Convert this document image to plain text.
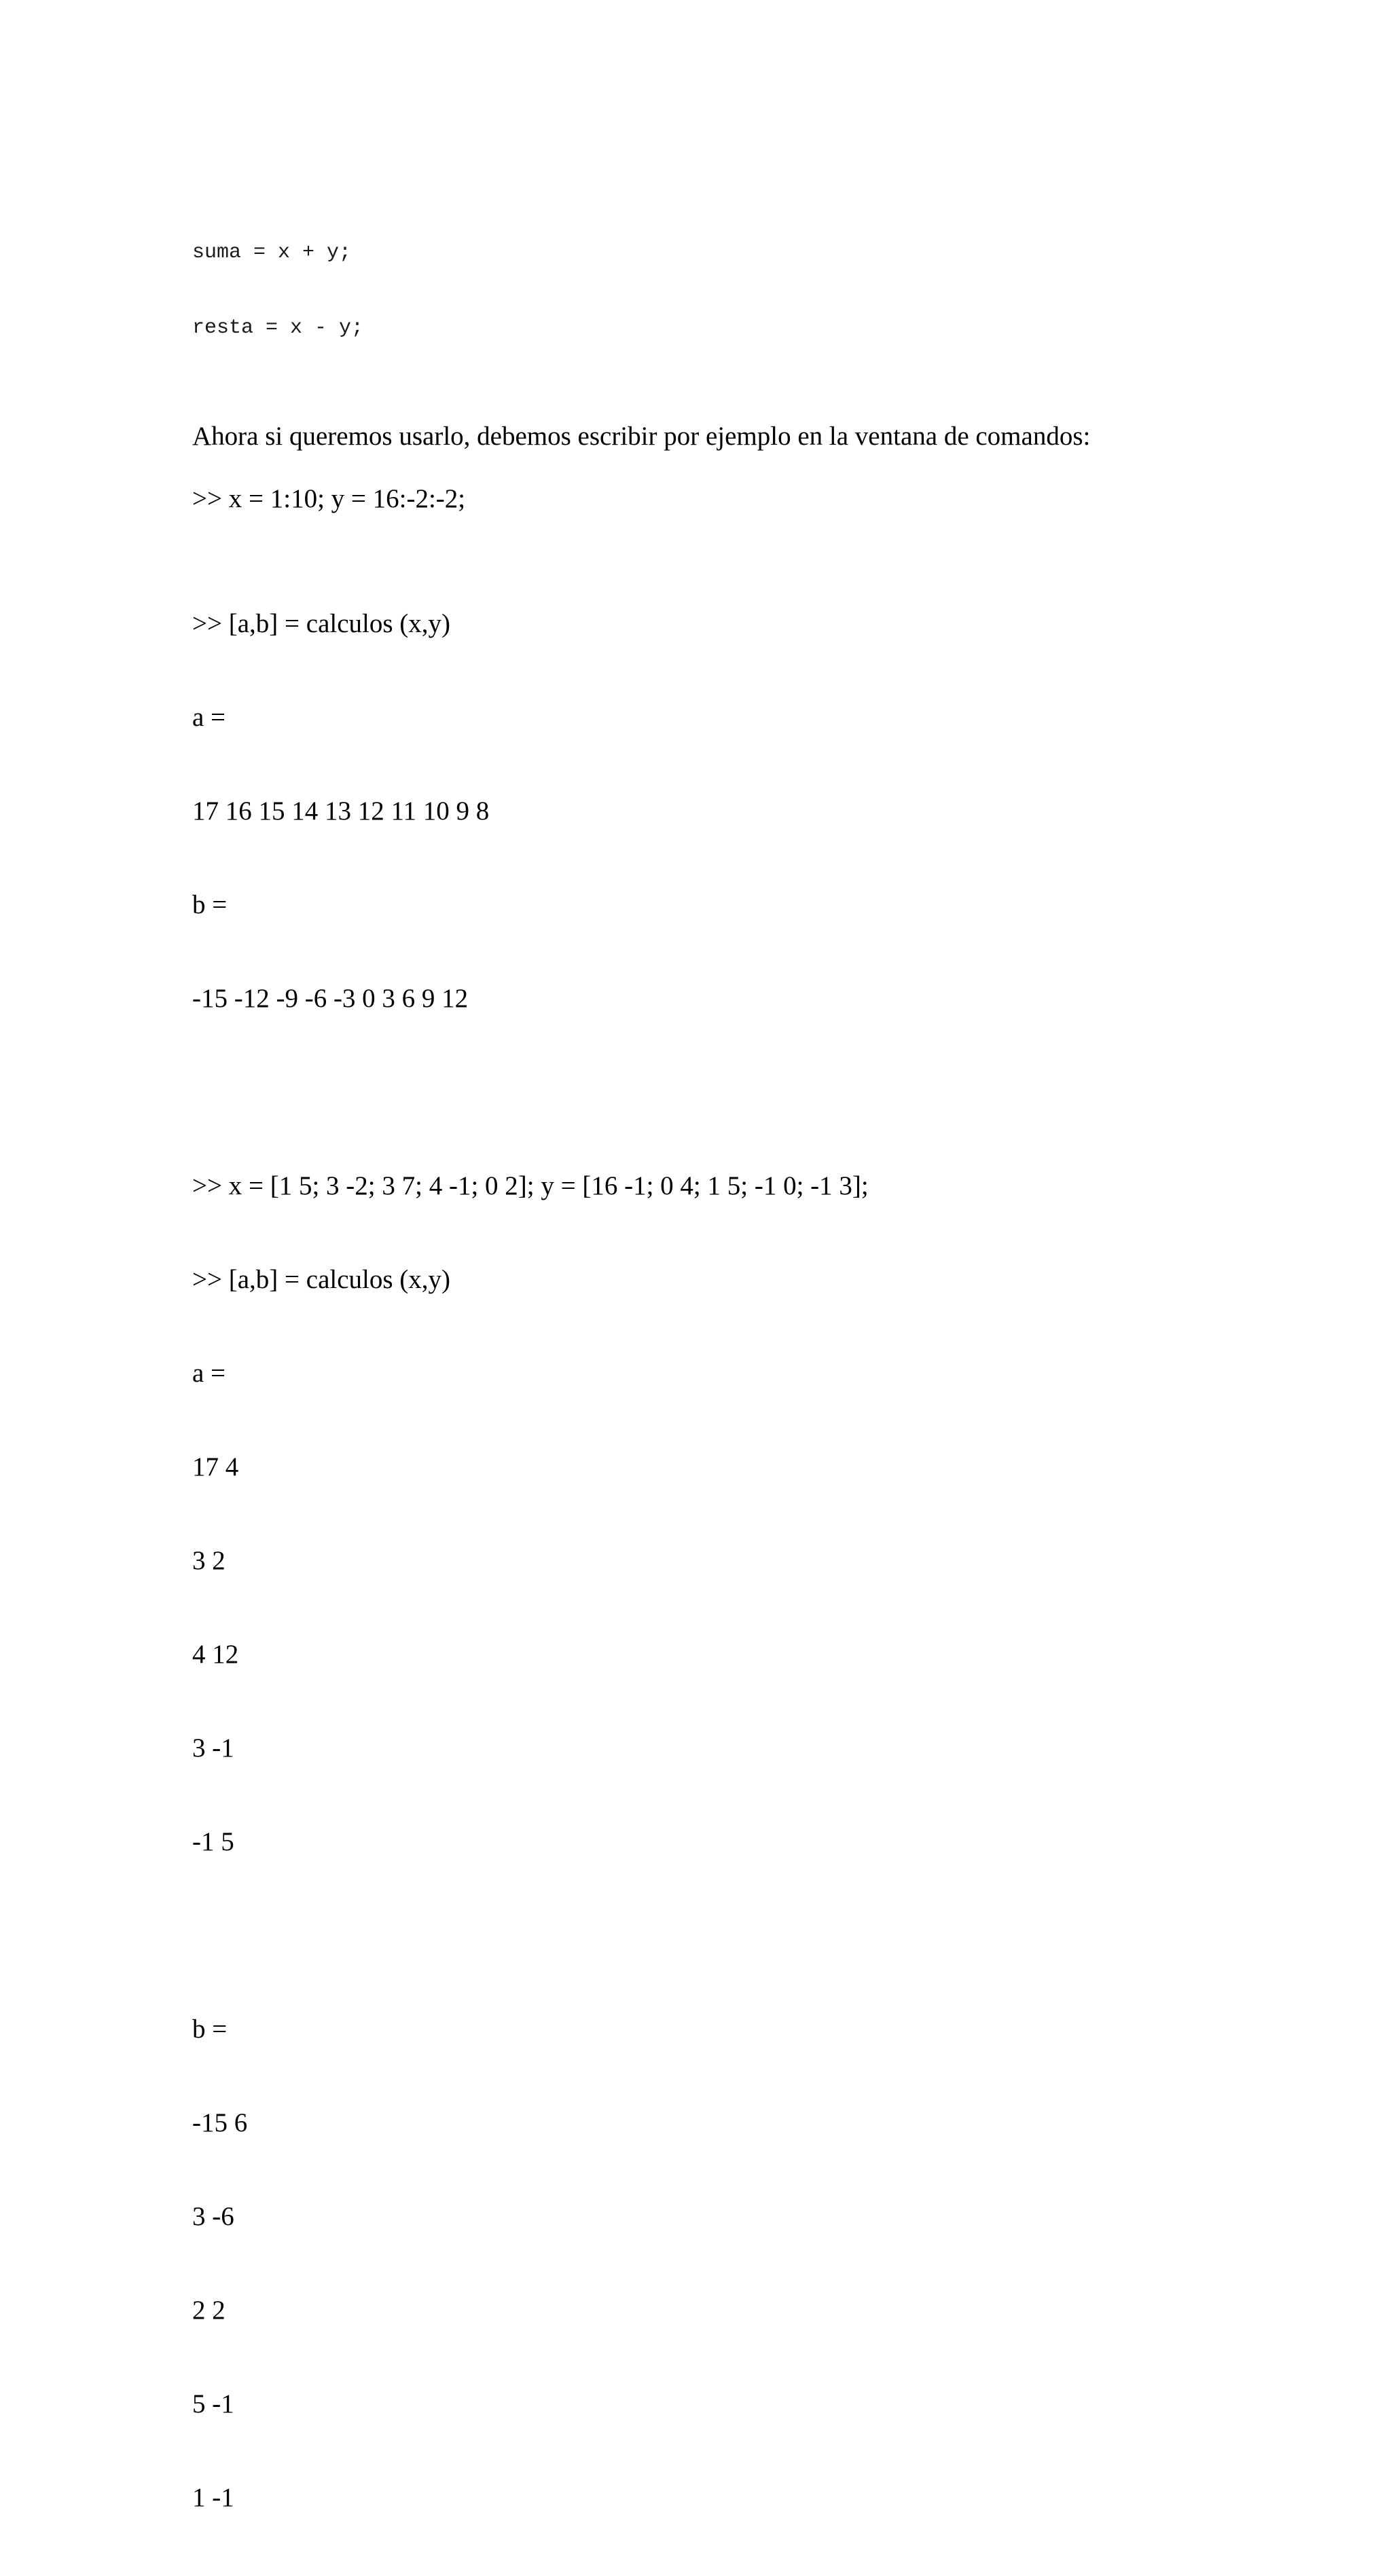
suma = x + y;

resta = x - y;

Ahora si queremos usarlo, debemos escribir por ejemplo en la ventana de comandos:
>> x = 1:10; y = 16:-2:-2;

>> [a,b] = calculos (x,y)

a =

17 16 15 14 13 12 11 10 9 8

b =

-15 -12 -9 -6 -3 0 3 6 9 12

>> x = [1 5; 3 -2; 3 7; 4 -1; 0 2]; y = [16 -1; 0 4; 1 5; -1 0; -1 3];

>> [a,b] = calculos (x,y)

a =

17 4

3 2

4 12

3 -1

-1 5

b =

-15 6

3 -6

2 2

5 -1

1 -1
